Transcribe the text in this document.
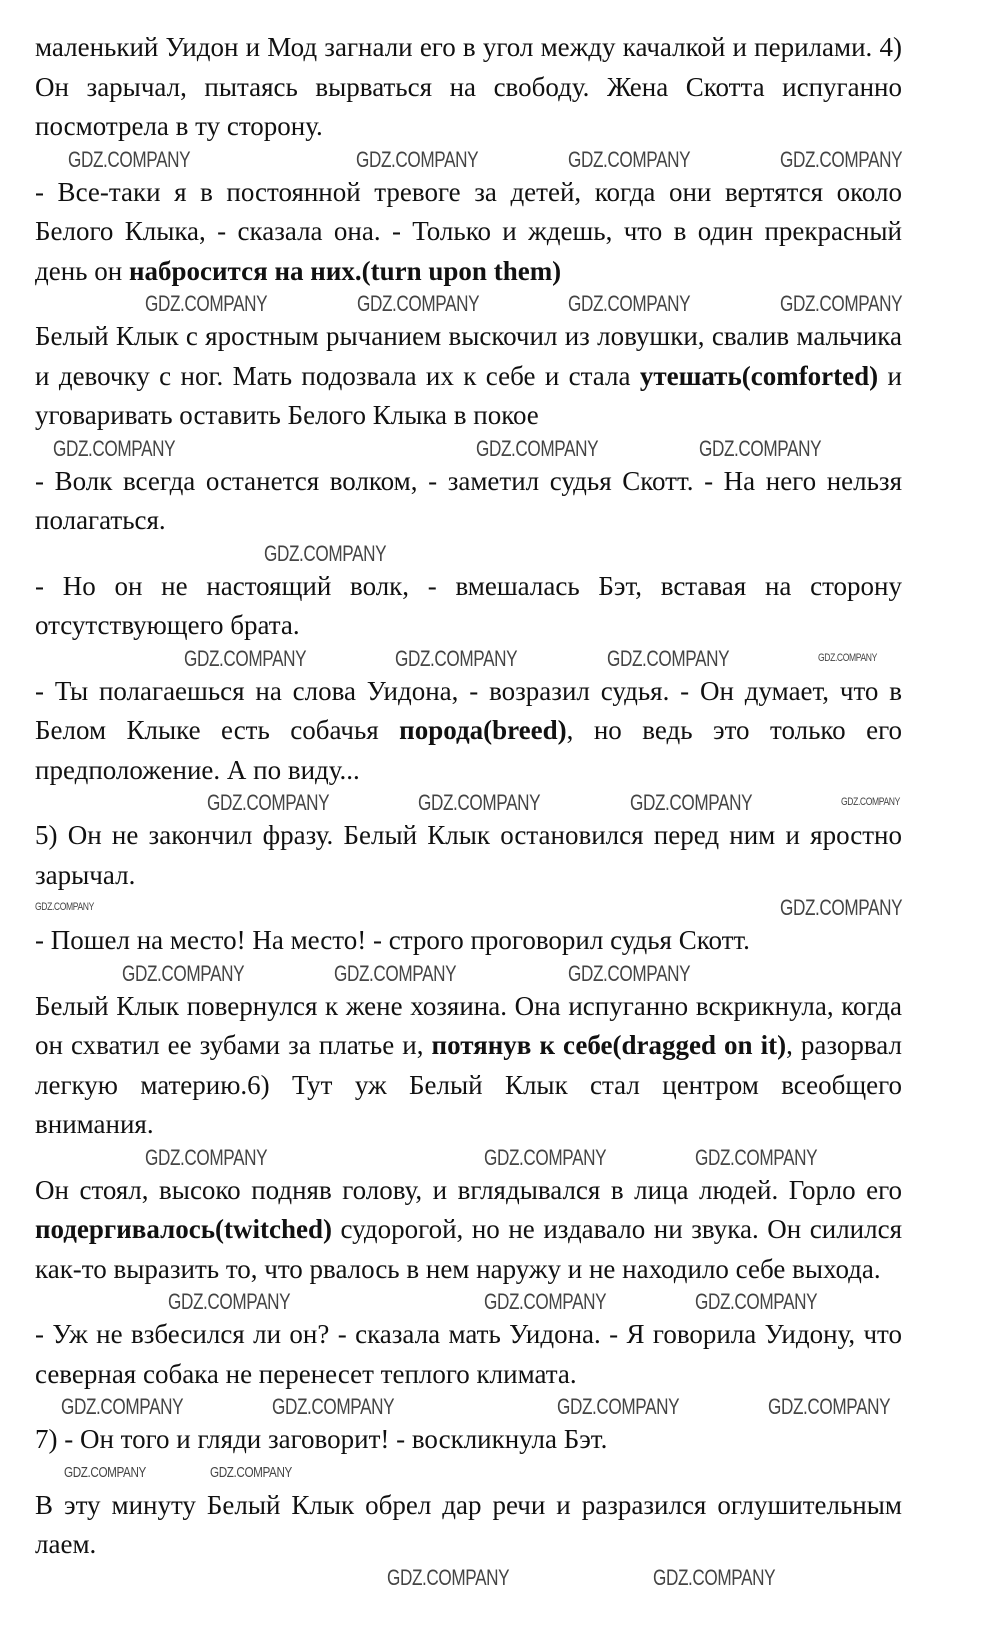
маленький Уидон и Мод загнали его в угол между качалкой и перилами. 4) Он зарычал, пытаясь вырваться на свободу. Жена Скотта испуганно посмотрела в ту сторону.

GDZ.COMPANY	GDZ.COMPANY	GDZ.COMPANY	GDZ.COMPANY

- Все-таки я в постоянной тревоге за детей, когда они вертятся около Белого Клыка, - сказала она. - Только и ждешь, что в один прекрасный день он набросится на них.(turn upon them)

GDZ.COMPANY	GDZ.COMPANY	GDZ.COMPANY	GDZ.COMPANY

Белый Клык с яростным рычанием выскочил из ловушки, свалив мальчика и девочку с ног. Мать подозвала их к себе и стала утешать(comforted) и уговаривать оставить Белого Клыка в покое

GDZ.COMPANY	GDZ.COMPANY	GDZ.COMPANY

- Волк всегда останется волком, - заметил судья Скотт. - На него нельзя полагаться.

GDZ.COMPANY

- Но он не настоящий волк, - вмешалась Бэт, вставая на сторону отсутствующего брата.

GDZ.COMPANY	GDZ.COMPANY	GDZ.COMPANY	GDZ.COMPANY

- Ты полагаешься на слова Уидона, - возразил судья. - Он думает, что в Белом Клыке есть собачья порода(breed), но ведь это только его предположение. А по виду...

GDZ.COMPANY	GDZ.COMPANY	GDZ.COMPANY	GDZ.COMPANY

5) Он не закончил фразу. Белый Клык остановился перед ним и яростно зарычал.

GDZ.COMPANY	GDZ.COMPANY

- Пошел на место! На место! - строго проговорил судья Скотт.

GDZ.COMPANY	GDZ.COMPANY	GDZ.COMPANY

Белый Клык повернулся к жене хозяина. Она испуганно вскрикнула, когда он схватил ее зубами за платье и, потянув к себе(dragged on it), разорвал легкую материю.6) Тут уж Белый Клык стал центром всеобщего внимания.

GDZ.COMPANY	GDZ.COMPANY	GDZ.COMPANY

Он стоял, высоко подняв голову, и вглядывался в лица людей. Горло его подергивалось(twitched) судорогой, но не издавало ни звука. Он силился как-то выразить то, что рвалось в нем наружу и не находило себе выхода.

GDZ.COMPANY	GDZ.COMPANY	GDZ.COMPANY

- Уж не взбесился ли он? - сказала мать Уидона. - Я говорила Уидону, что северная собака не перенесет теплого климата.

GDZ.COMPANY	GDZ.COMPANY	GDZ.COMPANY	GDZ.COMPANY

7) - Он того и гляди заговорит! - воскликнула Бэт.

GDZ.COMPANY	GDZ.COMPANY

В эту минуту Белый Клык обрел дар речи и разразился оглушительным лаем.

GDZ.COMPANY	GDZ.COMPANY
